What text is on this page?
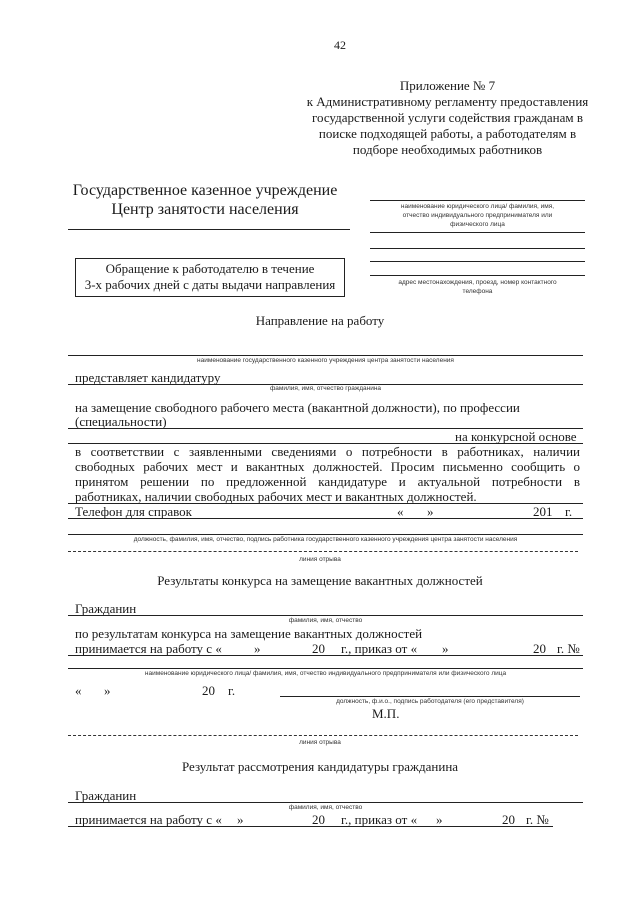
42
Приложение № 7
к Административному регламенту предоставления
государственной услуги содействия гражданам в
поиске подходящей работы, а работодателям в
подборе необходимых работников
Государственное казенное учреждение
Центр занятости населения	наименование юридического лица/ фамилия, имя,
отчество индивидуального предпринимателя или
физического лица
адрес местонахождения, проезд, номер контактного
телефона
Обращение к работодателю в течение
3-х рабочих дней с даты выдачи направления
Направление на работу
наименование государственного казенного учреждения центра занятости населения
представляет кандидатуру
фамилия, имя, отчество гражданина
на замещение свободного рабочего места (вакантной должности), по профессии
(специальности)
на конкурсной основе
в соответствии с заявленными сведениями о потребности в работниках, наличии
свободных рабочих мест и вакантных должностей. Просим письменно сообщить о
принятом решении по предложенной кандидатуре и актуальной потребности в
работниках, наличии свободных рабочих мест и вакантных должностей.
Телефон для справок	« »	201 г.
должность, фамилия, имя, отчество, подпись работника государственного казенного учреждения центра занятости населения
линия отрыва
Результаты конкурса на замещение вакантных должностей
Гражданин
фамилия, имя, отчество
по результатам конкурса на замещение вакантных должностей
принимается на работу с « »	20 г., приказ от « »	20 г. №
наименование юридического лица/ фамилия, имя, отчество индивидуального предпринимателя или физического лица
« »	20 г.
должность, ф.и.о., подпись работодателя (его представителя)
М.П.
линия отрыва
Результат рассмотрения кандидатуры гражданина
Гражданин
фамилия, имя, отчество
принимается на работу с « »	20 г., приказ от « »	20 г. №
